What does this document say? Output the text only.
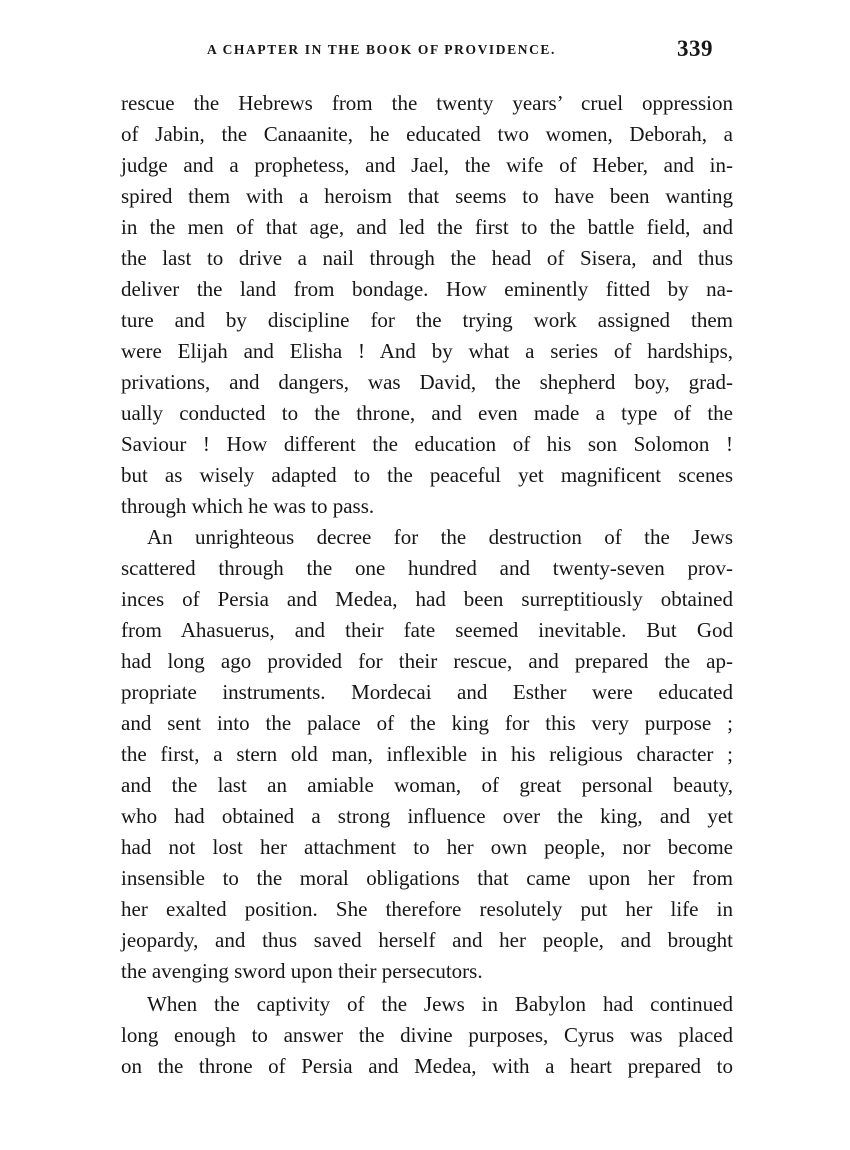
A CHAPTER IN THE BOOK OF PROVIDENCE.	339
rescue the Hebrews from the twenty years’ cruel oppression
of Jabin, the Canaanite, he educated two women, Deborah, a
judge and a prophetess, and Jael, the wife of Heber, and in-
spired them with a heroism that seems to have been wanting
in the men of that age, and led the first to the battle field, and
the last to drive a nail through the head of Sisera, and thus
deliver the land from bondage. How eminently fitted by na-
ture and by discipline for the trying work assigned them
were Elijah and Elisha ! And by what a series of hardships,
privations, and dangers, was David, the shepherd boy, grad-
ually conducted to the throne, and even made a type of the
Saviour ! How different the education of his son Solomon !
but as wisely adapted to the peaceful yet magnificent scenes
through which he was to pass.
An unrighteous decree for the destruction of the Jews
scattered through the one hundred and twenty-seven prov-
inces of Persia and Medea, had been surreptitiously obtained
from Ahasuerus, and their fate seemed inevitable. But God
had long ago provided for their rescue, and prepared the ap-
propriate instruments. Mordecai and Esther were educated
and sent into the palace of the king for this very purpose ;
the first, a stern old man, inflexible in his religious character ;
and the last an amiable woman, of great personal beauty,
who had obtained a strong influence over the king, and yet
had not lost her attachment to her own people, nor become
insensible to the moral obligations that came upon her from
her exalted position. She therefore resolutely put her life in
jeopardy, and thus saved herself and her people, and brought
the avenging sword upon their persecutors.
When the captivity of the Jews in Babylon had continued
long enough to answer the divine purposes, Cyrus was placed
on the throne of Persia and Medea, with a heart prepared to
